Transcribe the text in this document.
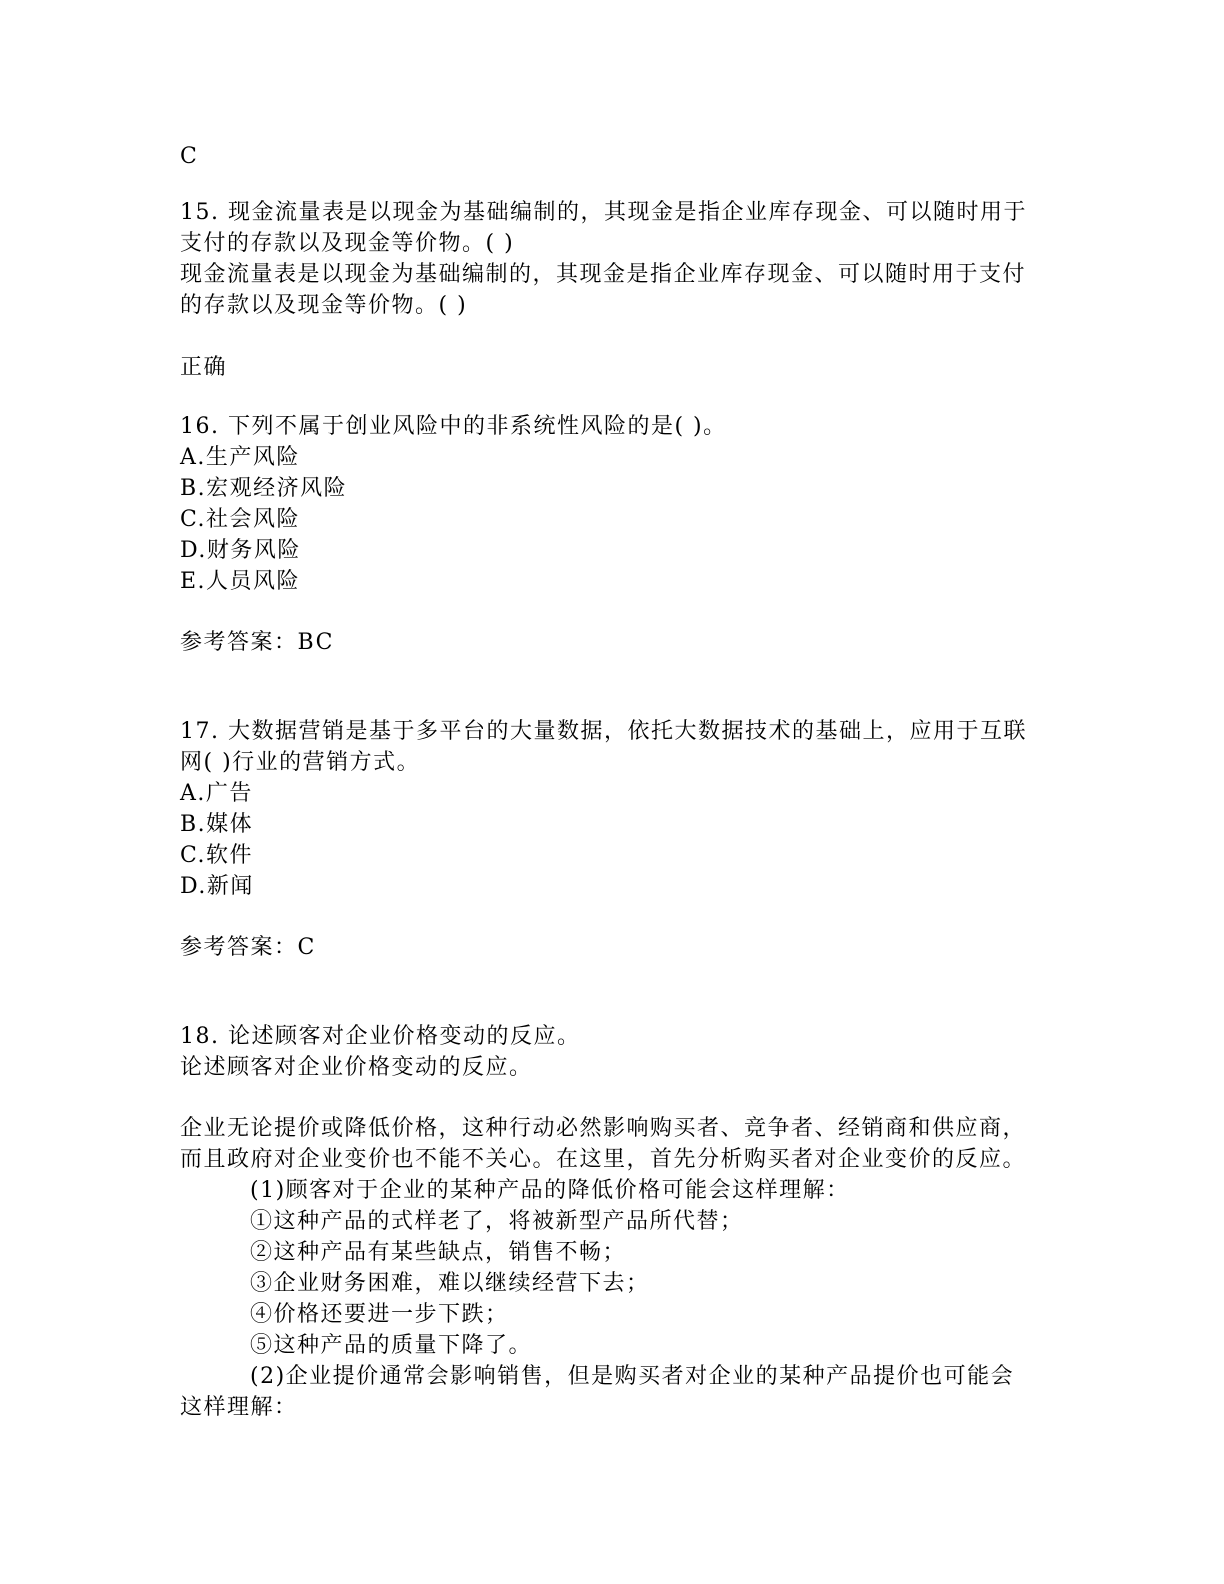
C
15. 现金流量表是以现金为基础编制的，其现金是指企业库存现金、可以随时用于
支付的存款以及现金等价物。( )
现金流量表是以现金为基础编制的，其现金是指企业库存现金、可以随时用于支付
的存款以及现金等价物。( )
正确
16. 下列不属于创业风险中的非系统性风险的是( )。
A.生产风险
B.宏观经济风险
C.社会风险
D.财务风险
E.人员风险
参考答案：BC
17. 大数据营销是基于多平台的大量数据，依托大数据技术的基础上，应用于互联
网( )行业的营销方式。
A.广告
B.媒体
C.软件
D.新闻
参考答案：C
18. 论述顾客对企业价格变动的反应。
论述顾客对企业价格变动的反应。
企业无论提价或降低价格，这种行动必然影响购买者、竞争者、经销商和供应商，
而且政府对企业变价也不能不关心。在这里，首先分析购买者对企业变价的反应。
(1)顾客对于企业的某种产品的降低价格可能会这样理解：
①这种产品的式样老了，将被新型产品所代替；
②这种产品有某些缺点，销售不畅；
③企业财务困难，难以继续经营下去；
④价格还要进一步下跌；
⑤这种产品的质量下降了。
(2)企业提价通常会影响销售，但是购买者对企业的某种产品提价也可能会
这样理解：
